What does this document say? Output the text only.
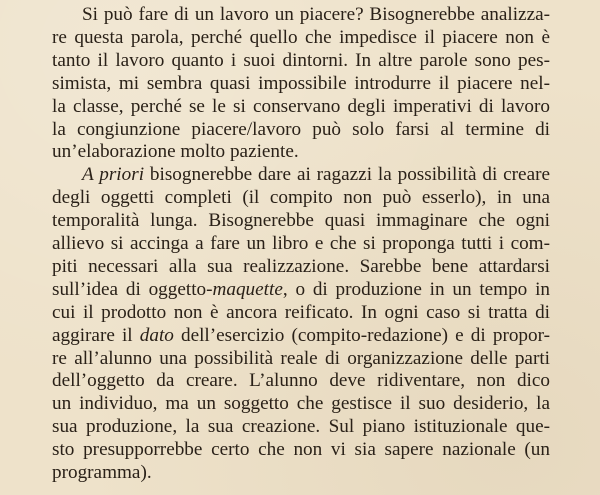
Si può fare di un lavoro un piacere? Bisognerebbe analizza-
re questa parola, perché quello che impedisce il piacere non è
tanto il lavoro quanto i suoi dintorni. In altre parole sono pes-
simista, mi sembra quasi impossibile introdurre il piacere nel-
la classe, perché se le si conservano degli imperativi di lavoro
la congiunzione piacere/lavoro può solo farsi al termine di
un’elaborazione molto paziente.
A priori bisognerebbe dare ai ragazzi la possibilità di creare
degli oggetti completi (il compito non può esserlo), in una
temporalità lunga. Bisognerebbe quasi immaginare che ogni
allievo si accinga a fare un libro e che si proponga tutti i com-
piti necessari alla sua realizzazione. Sarebbe bene attardarsi
sull’idea di oggetto-maquette, o di produzione in un tempo in
cui il prodotto non è ancora reificato. In ogni caso si tratta di
aggirare il dato dell’esercizio (compito-redazione) e di propor-
re all’alunno una possibilità reale di organizzazione delle parti
dell’oggetto da creare. L’alunno deve ridiventare, non dico
un individuo, ma un soggetto che gestisce il suo desiderio, la
sua produzione, la sua creazione. Sul piano istituzionale que-
sto presupporrebbe certo che non vi sia sapere nazionale (un
programma).
